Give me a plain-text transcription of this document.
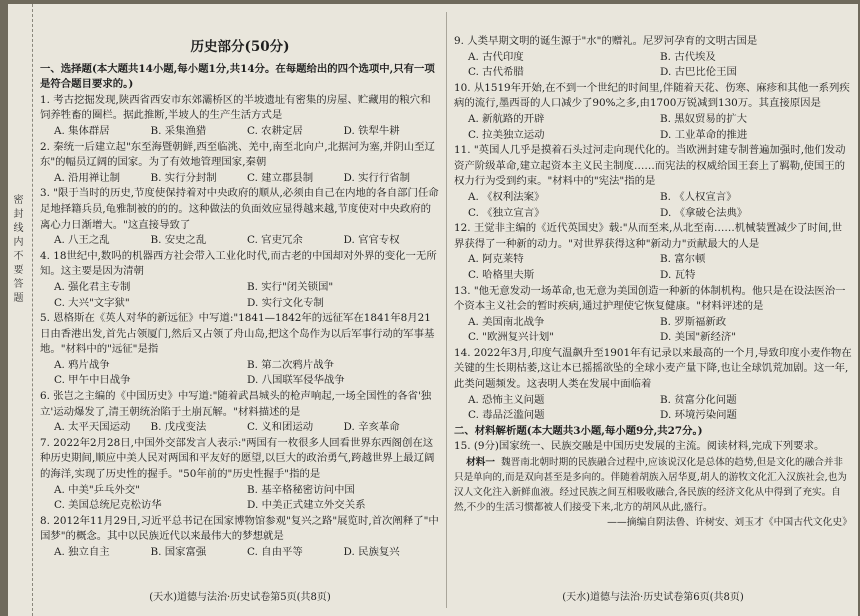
密封线内不要答题
历史部分(50分)

一、选择题(本大题共14小题,每小题1分,共14分。在每题给出的四个选项中,只有一项是符合题目要求的。)

1. 考古挖掘发现,陕西省西安市东郊灞桥区的半坡遗址有密集的房屋、贮藏用的粮穴和饲养牲畜的圈栏。据此推断,半坡人的生产生活方式是

A. 集体群居	B. 采集渔猎	C. 农耕定居	D. 铁犁牛耕

2. 秦统一后建立起"东至海暨朝鲜,西至临洮、羌中,南至北向户,北据河为塞,并阴山至辽东"的幅员辽阔的国家。为了有效地管理国家,秦朝

A. 沿用禅让制	B. 实行分封制	C. 建立郡县制	D. 实行行省制

3. "限于当时的历史,节度使保持着对中央政府的顺从,必须由自己在内地的各自部门任命足地择籍兵员,龟雅制被的的的。这种做法的负面效应显得越来越,节度使对中央政府的离心力日渐增大。"这直接导致了

A. 八王之乱	B. 安史之乱	C. 官吏冗余	D. 官官专权

4. 18世纪中,数吗的机器西方社会带入工业化时代,而古老的中国却对外界的变化一无所知。这主要是因为清朝

A. 强化君主专制	B. 实行"闭关锁国"
C. 大兴"文字狱"	D. 实行文化专制

5. 恩格斯在《英人对华的新远征》中写道:"1841—1842年的远征军在1841年8月21日由香港出发,首先占领厦门,然后又占领了舟山岛,把这个岛作为以后军事行动的军事基地。"材料中的"远征"是指

A. 鸦片战争	B. 第二次鸦片战争
C. 甲午中日战争	D. 八国联军侵华战争

6. 张岂之主编的《中国历史》中写道:"随着武昌城头的枪声响起,一场全国性的各省'独立'运动爆发了,清王朝统治陷于土崩瓦解。"材料描述的是

A. 太平天国运动	B. 戊戌变法	C. 义和团运动	D. 辛亥革命

7. 2022年2月28日,中国外交部发言人表示:"两国有一枚很多人回看世界东西阁创在这种历史期间,顺应中美人民对两国和平友好的愿望,以巨大的政治勇气,跨越世界上最辽阔的海洋,实现了历史性的握手。"50年前的"历史性握手"指的是

A. 中美"乒乓外交"	B. 基辛格秘密访问中国
C. 美国总统尼克松访华	D. 中美正式建立外交关系

8. 2012年11月29日,习近平总书记在国家博物馆参观"复兴之路"展览时,首次阐释了"中国梦"的概念。其中以民族近代以来最伟大的梦想就是

A. 独立自主	B. 国家富强	C. 自由平等	D. 民族复兴
(天水)道德与法治·历史试卷第5页(共8页)

9. 人类早期文明的诞生源于"水"的赠礼。尼罗河孕育的文明古国是

A. 古代印度	B. 古代埃及
C. 古代希腊	D. 古巴比伦王国

10. 从1519年开始,在不到一个世纪的时间里,伴随着天花、伤寒、麻疹和其他一系列疾病的流行,墨西哥的人口减少了90%之多,由1700万锐减到130万。其直接原因是

A. 新航路的开辟	B. 黑奴贸易的扩大
C. 拉美独立运动	D. 工业革命的推进

11. "英国人几乎是摸着石头过河走向现代化的。当欧洲封建专制普遍加强时,他们发动资产阶级革命,建立起资本主义民主制度……而宪法的权威给国王套上了羁勒,使国王的权力行为受到约束。"材料中的"宪法"指的是

A. 《权利法案》	B. 《人权宣言》
C. 《独立宣言》	D. 《拿破仑法典》

12. 王觉非主编的《近代英国史》载:"从而至来,从北至南……机械装置减少了时间,世界获得了一种新的动力。"对世界获得这种"新动力"贡献最大的人是

A. 阿克莱特	B. 富尔顿
C. 哈格里夫斯	D. 瓦特

13. "他无意发动一场革命,也无意为美国创造一种新的体制机构。他只是在设法医治一个资本主义社会的暂时疾病,通过护理使它恢复健康。"材料评述的是

A. 美国南北战争	B. 罗斯福新政
C. "欧洲复兴计划"	D. 美国"新经济"

14. 2022年3月,印度气温飙升至1901年有记录以来最高的一个月,导致印度小麦作物在关键的生长期枯萎,这让本已摇摇欲坠的全球小麦产量下降,也让全球饥荒加剧。这一年,此类问题频发。这表明人类在发展中面临着

A. 恐怖主义问题	B. 贫富分化问题
C. 毒品泛滥问题	D. 环境污染问题

二、材料解析题(本大题共3小题,每小题9分,共27分。)

15. (9分)国家统一、民族交融是中国历史发展的主流。阅读材料,完成下列要求。

材料一 魏晋南北朝时期的民族融合过程中,应该说汉化是总体的趋势,但是文化的融合并非只是单向的,而是双向甚至是多向的。伴随着胡族入居华夏,胡人的游牧文化汇入汉族社会,也为汉人文化注入新鲜血液。经过民族之间互相吸收融合,各民族的经济文化从中得到了充实。自然,不少的生活习惯都被人们接受下来,北方的胡风从此,盛行。

——摘编自阴法鲁、许树安、刘玉才《中国古代文化史》

(天水)道德与法治·历史试卷第6页(共8页)
